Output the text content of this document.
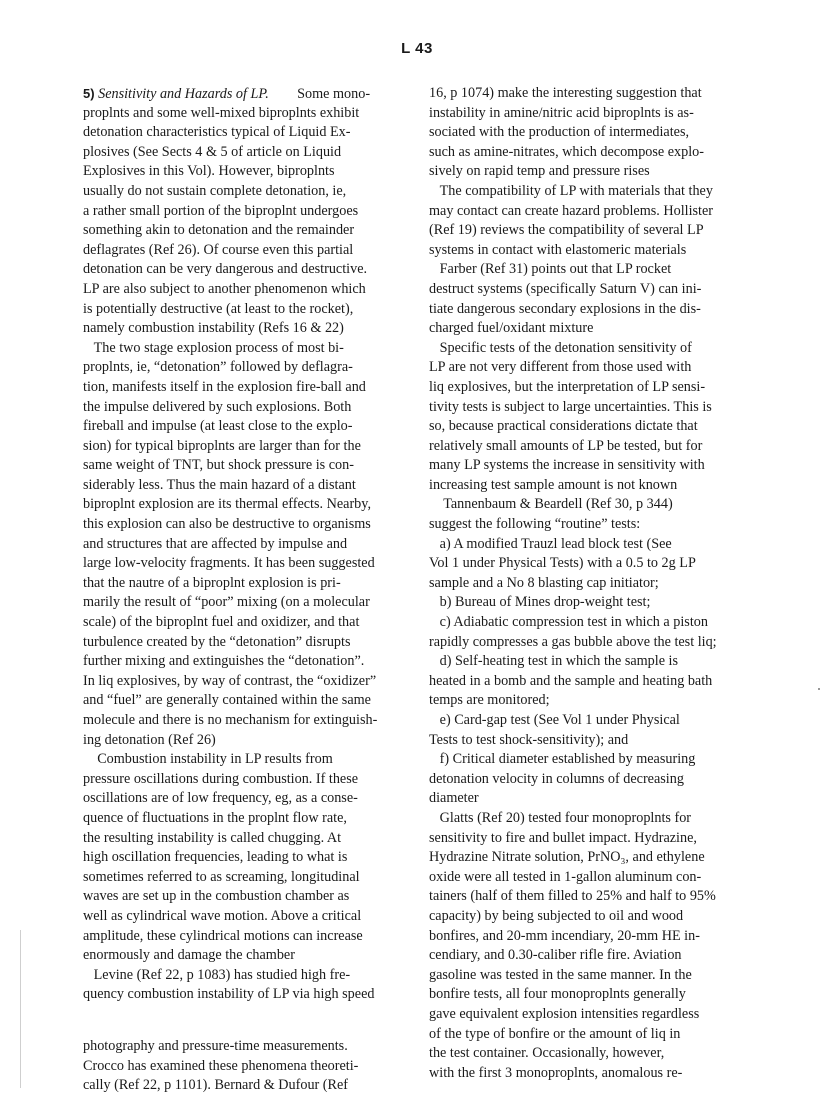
L 43
5) Sensitivity and Hazards of LP.        Some mono-
proplnts and some well-mixed biproplnts exhibit
detonation characteristics typical of Liquid Ex-
plosives (See Sects 4 & 5 of article on Liquid
Explosives in this Vol). However, biproplnts
usually do not sustain complete detonation, ie,
a rather small portion of the biproplnt undergoes
something akin to detonation and the remainder
deflagrates (Ref 26). Of course even this partial
detonation can be very dangerous and destructive.
LP are also subject to another phenomenon which
is potentially destructive (at least to the rocket),
namely combustion instability (Refs 16 & 22)
The two stage explosion process of most bi-
proplnts, ie, “detonation” followed by deflagra-
tion, manifests itself in the explosion fire-ball and
the impulse delivered by such explosions. Both
fireball and impulse (at least close to the explo-
sion) for typical biproplnts are larger than for the
same weight of TNT, but shock pressure is con-
siderably less. Thus the main hazard of a distant
biproplnt explosion are its thermal effects. Nearby,
this explosion can also be destructive to organisms
and structures that are affected by impulse and
large low-velocity fragments. It has been suggested
that the nautre of a biproplnt explosion is pri-
marily the result of “poor” mixing (on a molecular
scale) of the biproplnt fuel and oxidizer, and that
turbulence created by the “detonation” disrupts
further mixing and extinguishes the “detonation”.
In liq explosives, by way of contrast, the “oxidizer”
and “fuel” are generally contained within the same
molecule and there is no mechanism for extinguish-
ing detonation (Ref 26)
Combustion instability in LP results from
pressure oscillations during combustion. If these
oscillations are of low frequency, eg, as a conse-
quence of fluctuations in the proplnt flow rate,
the resulting instability is called chugging. At
high oscillation frequencies, leading to what is
sometimes referred to as screaming, longitudinal
waves are set up in the combustion chamber as
well as cylindrical wave motion. Above a critical
amplitude, these cylindrical motions can increase
enormously and damage the chamber
Levine (Ref 22, p 1083) has studied high fre-
quency combustion instability of LP via high speed
photography and pressure-time measurements.
Crocco has examined these phenomena theoreti-
cally (Ref 22, p 1101). Bernard & Dufour (Ref
16, p 1074) make the interesting suggestion that
instability in amine/nitric acid biproplnts is as-
sociated with the production of intermediates,
such as amine-nitrates, which decompose explo-
sively on rapid temp and pressure rises
The compatibility of LP with materials that they
may contact can create hazard problems. Hollister
(Ref 19) reviews the compatibility of several LP
systems in contact with elastomeric materials
Farber (Ref 31) points out that LP rocket
destruct systems (specifically Saturn V) can ini-
tiate dangerous secondary explosions in the dis-
charged fuel/oxidant mixture
Specific tests of the detonation sensitivity of
LP are not very different from those used with
liq explosives, but the interpretation of LP sensi-
tivity tests is subject to large uncertainties. This is
so, because practical considerations dictate that
relatively small amounts of LP be tested, but for
many LP systems the increase in sensitivity with
increasing test sample amount is not known
Tannenbaum & Beardell (Ref 30, p 344)
suggest the following “routine” tests:
a) A modified Trauzl lead block test (See
Vol 1 under Physical Tests) with a 0.5 to 2g LP
sample and a No 8 blasting cap initiator;
b) Bureau of Mines drop-weight test;
c) Adiabatic compression test in which a piston
rapidly compresses a gas bubble above the test liq;
d) Self-heating test in which the sample is
heated in a bomb and the sample and heating bath
temps are monitored;
e) Card-gap test (See Vol 1 under Physical
Tests to test shock-sensitivity); and
f) Critical diameter established by measuring
detonation velocity in columns of decreasing
diameter
Glatts (Ref 20) tested four monoproplnts for
sensitivity to fire and bullet impact. Hydrazine,
Hydrazine Nitrate solution, PrNO₃, and ethylene
oxide were all tested in 1-gallon aluminum con-
tainers (half of them filled to 25% and half to 95%
capacity) by being subjected to oil and wood
bonfires, and 20-mm incendiary, 20-mm HE in-
cendiary, and 0.30-caliber rifle fire. Aviation
gasoline was tested in the same manner. In the
bonfire tests, all four monoproplnts generally
gave equivalent explosion intensities regardless
of the type of bonfire or the amount of liq in
the test container. Occasionally, however,
with the first 3 monoproplnts, anomalous re-
